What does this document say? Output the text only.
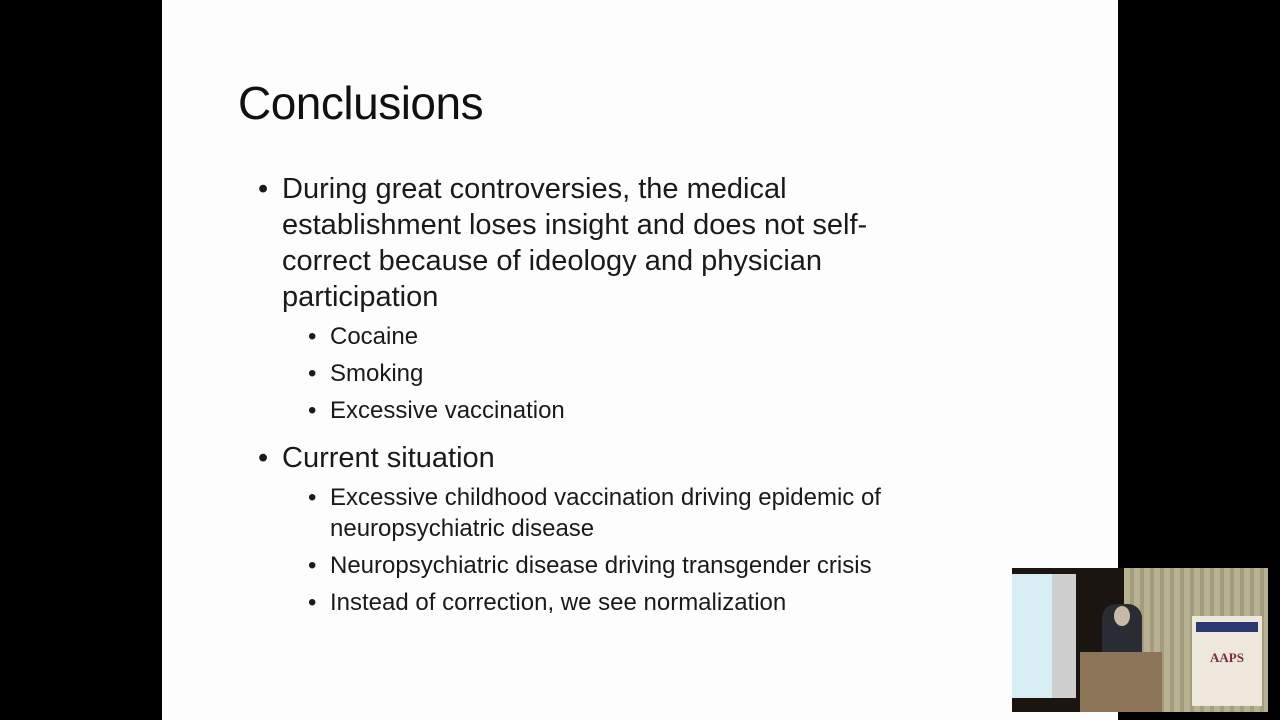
Conclusions
• During great controversies, the medical
establishment loses insight and does not self-
correct because of ideology and physician
participation
• Cocaine
• Smoking
• Excessive vaccination
• Current situation
• Excessive childhood vaccination driving epidemic of
neuropsychiatric disease
• Neuropsychiatric disease driving transgender crisis
• Instead of correction, we see normalization
AAPS
